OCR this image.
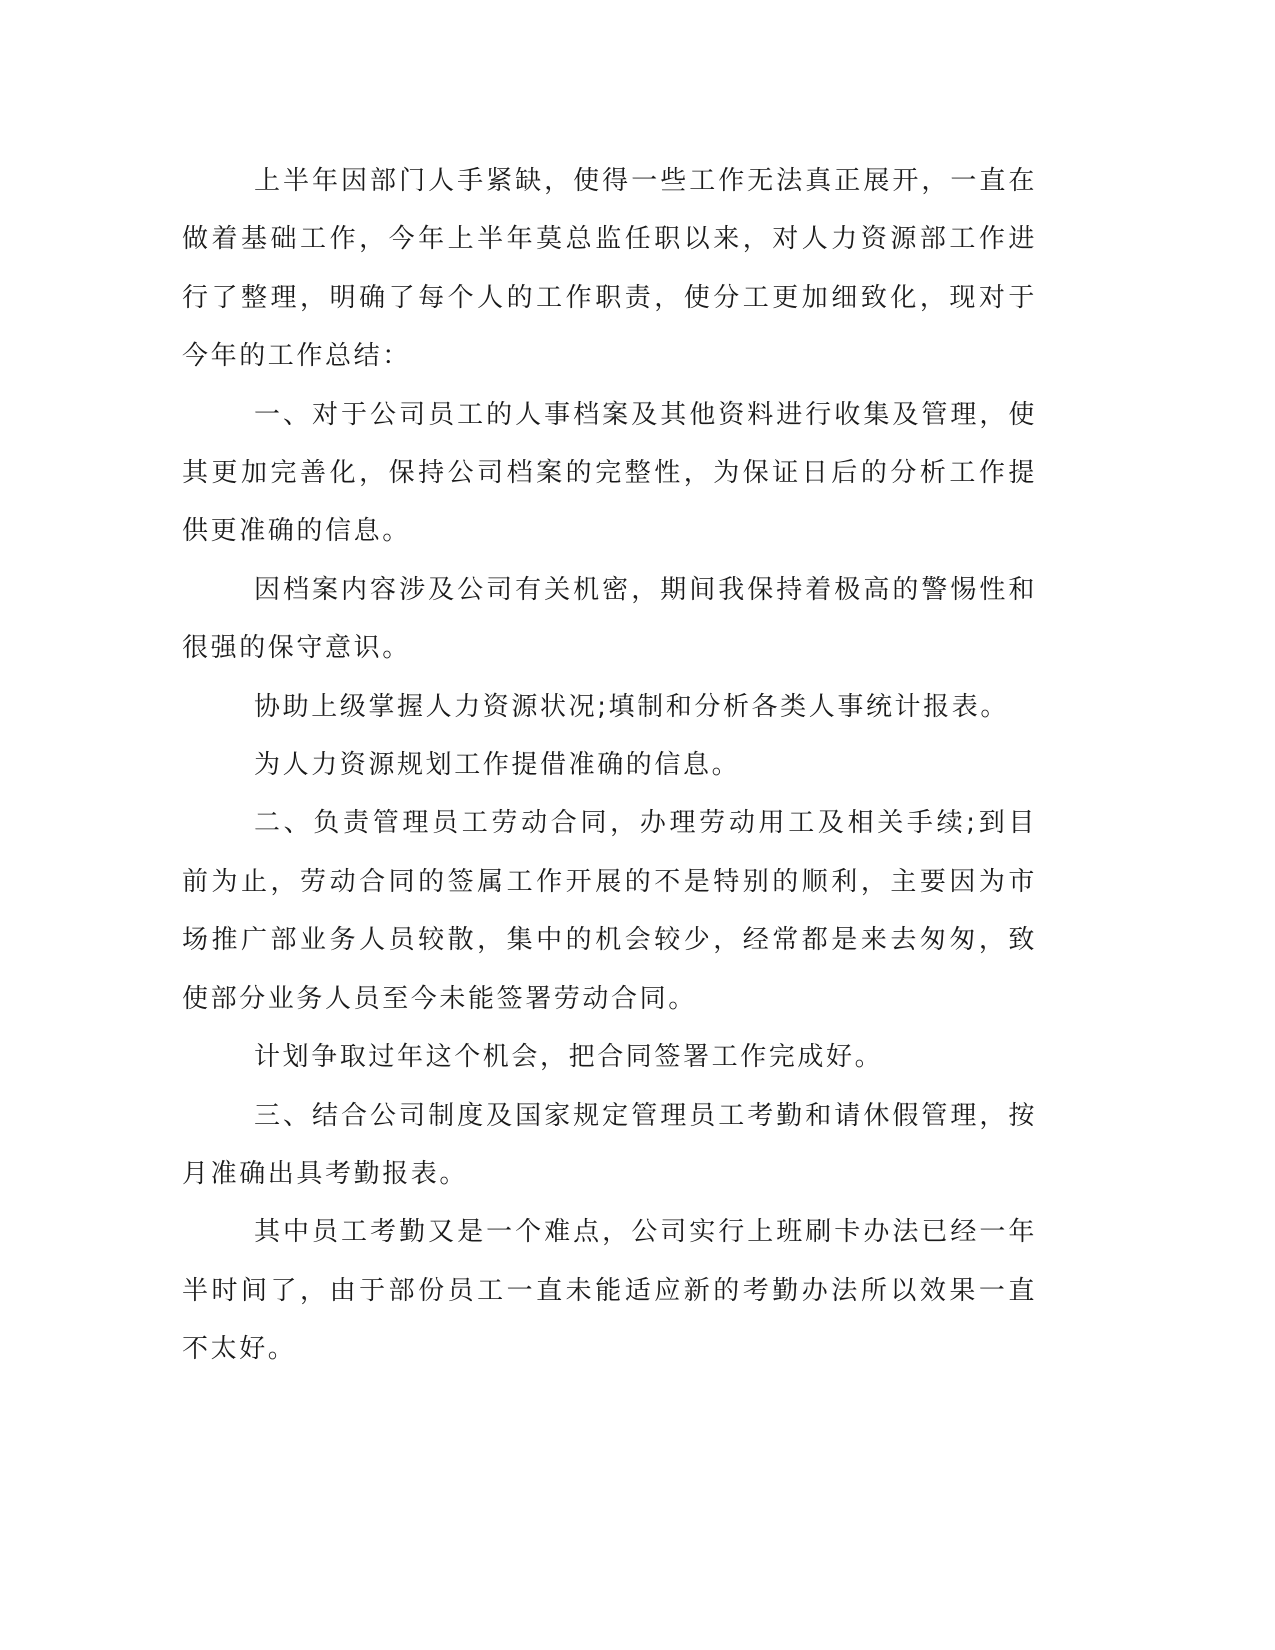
上半年因部门人手紧缺，使得一些工作无法真正展开，一直在做着基础工作，今年上半年莫总监任职以来，对人力资源部工作进行了整理，明确了每个人的工作职责，使分工更加细致化，现对于今年的工作总结：

一、对于公司员工的人事档案及其他资料进行收集及管理，使其更加完善化，保持公司档案的完整性，为保证日后的分析工作提供更准确的信息。

因档案内容涉及公司有关机密，期间我保持着极高的警惕性和很强的保守意识。

协助上级掌握人力资源状况;填制和分析各类人事统计报表。

为人力资源规划工作提借准确的信息。

二、负责管理员工劳动合同，办理劳动用工及相关手续;到目前为止，劳动合同的签属工作开展的不是特别的顺利，主要因为市场推广部业务人员较散，集中的机会较少，经常都是来去匆匆，致使部分业务人员至今未能签署劳动合同。

计划争取过年这个机会，把合同签署工作完成好。

三、结合公司制度及国家规定管理员工考勤和请休假管理，按月准确出具考勤报表。

其中员工考勤又是一个难点，公司实行上班刷卡办法已经一年半时间了，由于部份员工一直未能适应新的考勤办法所以效果一直不太好。
